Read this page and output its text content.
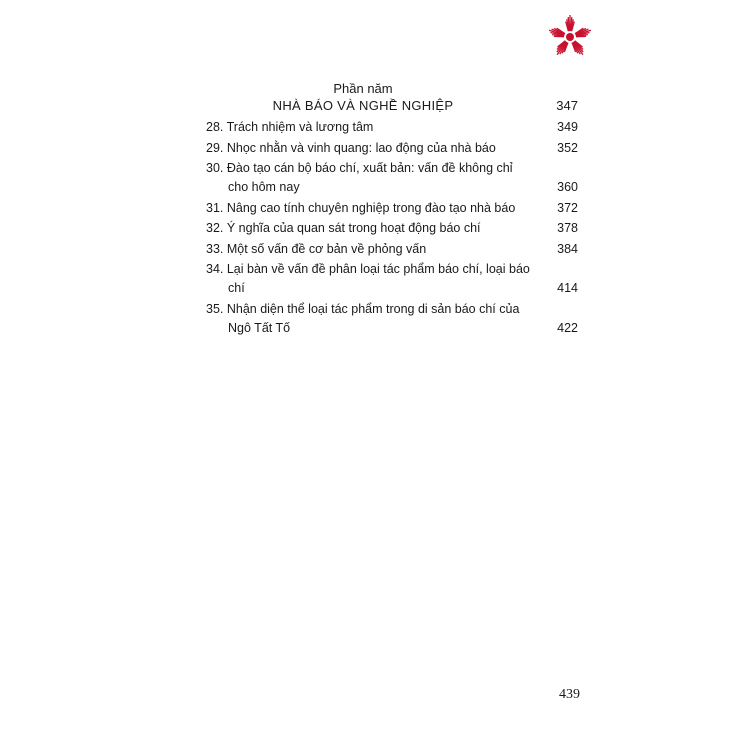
Phần năm
NHÀ BÁO VÀ NGHỀ NGHIỆP	347
28. Trách nhiệm và lương tâm	349
29. Nhọc nhằn và vinh quang: lao động của nhà báo	352
30. Đào tạo cán bộ báo chí, xuất bản: vấn đề không chỉ cho hôm nay	360
31. Nâng cao tính chuyên nghiệp trong đào tạo nhà báo	372
32. Ý nghĩa của quan sát trong hoạt động báo chí	378
33. Một số vấn đề cơ bản về phỏng vấn	384
34. Lại bàn về vấn đề phân loại tác phẩm báo chí, loại báo chí	414
35. Nhận diện thể loại tác phẩm trong di sản báo chí của Ngô Tất Tố	422
439
